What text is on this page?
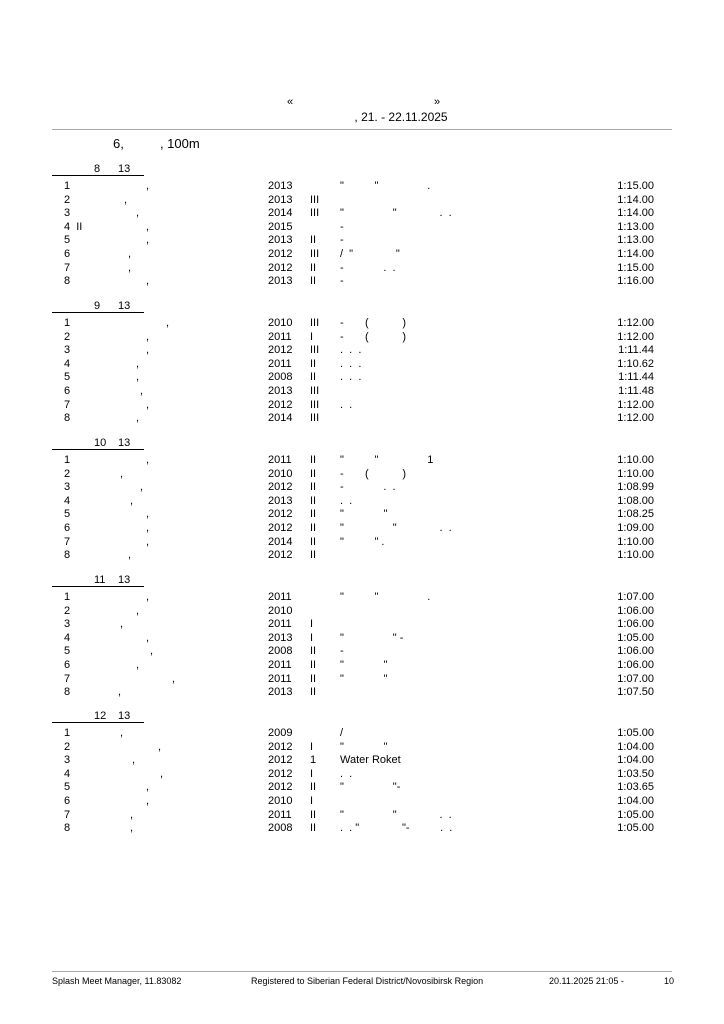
«

	»

, 21. - 22.11.2025
6,          , 100m
8 13
1	,	2013	"          "                .	1:15.00
2	,	2013 III	1:14.00
3	,	2014 III "                "              .  .	1:14.00
4  II	,	2015	-	1:13.00
5	,	2013 II -	1:13.00
6	,	2012 III /  "              "	1:14.00
7	,	2012 II -             .  .	1:15.00
8	,	2013 II -	1:16.00
9 13
1	,	2010 III -       (           )	1:12.00
2	,	2011 I -       (           )	1:12.00
3	,	2012 III .  .  .	1:11.44
4	,	2011 II .  .  .	1:10.62
5	,	2008 II .  .  .	1:11.44
6	,	2013 III	1:11.48
7	,	2012 III .  .	1:12.00
8	,	2014 III	1:12.00
10 13
1	,	2011 II "          "                1	1:10.00
2	,	2010 II -       (           )	1:10.00
3	,	2012 II -             .  .	1:08.99
4	,	2013 II .  .	1:08.00
5	,	2012 II "             "	1:08.25
6	,	2012 II "                "              .  .	1:09.00
7	,	2014 II "          " .	1:10.00
8	,	2012 II	1:10.00
11 13
1	,	2011	"          "                .	1:07.00
2	,	2010	1:06.00
3	,	2011 I	1:06.00
4	,	2013 I "                " -	1:05.00
5	,	2008 II -	1:06.00
6	,	2011 II "             "	1:06.00
7	,	2011 II "             "	1:07.00
8	,	2013 II	1:07.50
12 13
1	,	2009	/	1:05.00
2	,	2012 I "             "	1:04.00
3	,	2012 1 Water Roket	1:04.00
4	,	2012 I .  .	1:03.50
5	,	2012 II "                "-	1:03.65
6	,	2010 I	1:04.00
7	,	2011 II "                "              .  .	1:05.00
8	,	2008 II .  . "              "-          .  .	1:05.00
Splash Meet Manager, 11.83082	Registered to Siberian Federal District/Novosibirsk Region	20.11.2025 21:05 -	10
